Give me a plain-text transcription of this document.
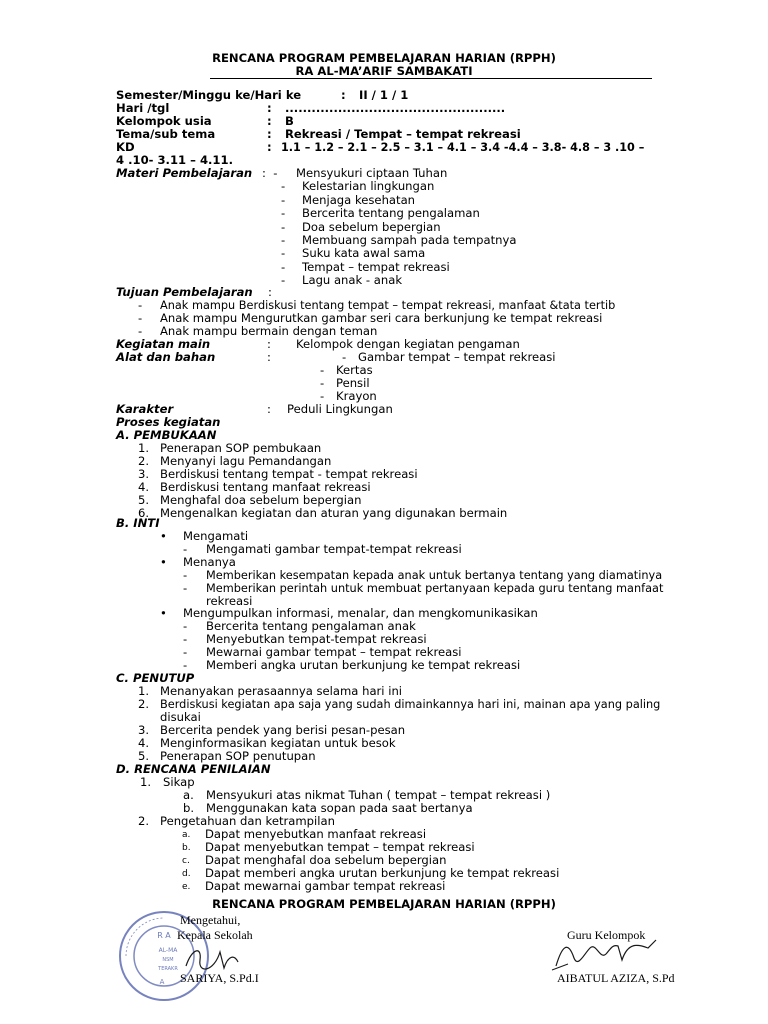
RENCANA PROGRAM PEMBELAJARAN HARIAN (RPPH)
RA AL-MA’ARIF SAMBAKATI
Semester/Minggu ke/Hari ke	: II / 1 / 1
Hari /tgl	: ..................................................
Kelompok usia	: B
Tema/sub tema	: Rekreasi / Tempat – tempat rekreasi
KD	: 1.1 – 1.2 – 2.1 – 2.5 – 3.1 – 4.1 – 3.4 -4.4 – 3.8- 4.8 – 3 .10 –
4 .10- 3.11 – 4.11.
Materi Pembelajaran :  - Mensyukuri ciptaan Tuhan
- Kelestarian lingkungan
- Menjaga kesehatan
- Bercerita tentang pengalaman
- Doa sebelum bepergian
- Membuang sampah pada tempatnya
- Suku kata awal sama
- Tempat – tempat rekreasi
- Lagu anak - anak
Tujuan Pembelajaran :
- Anak mampu Berdiskusi tentang tempat – tempat rekreasi, manfaat &tata tertib
- Anak mampu Mengurutkan gambar seri cara berkunjung ke tempat rekreasi
- Anak mampu bermain dengan teman
Kegiatan main	: Kelompok dengan kegiatan pengaman
Alat dan bahan	:	- Gambar tempat – tempat rekreasi
- Kertas
- Pensil
- Krayon
Karakter	: Peduli Lingkungan
Proses kegiatan
A. PEMBUKAAN
1. Penerapan SOP pembukaan
2. Menyanyi lagu Pemandangan
3. Berdiskusi tentang tempat - tempat rekreasi
4. Berdiskusi tentang manfaat rekreasi
5. Menghafal doa sebelum bepergian
6. Mengenalkan kegiatan dan aturan yang digunakan bermain
B. INTI
• Mengamati
- Mengamati gambar tempat-tempat rekreasi
• Menanya
- Memberikan kesempatan kepada anak untuk bertanya tentang yang diamatinya
- Memberikan perintah untuk membuat pertanyaan kepada guru tentang manfaat
rekreasi
• Mengumpulkan informasi, menalar, dan mengkomunikasikan
- Bercerita tentang pengalaman anak
- Menyebutkan tempat-tempat rekreasi
- Mewarnai gambar tempat – tempat rekreasi
- Memberi angka urutan berkunjung ke tempat rekreasi
C. PENUTUP
1. Menanyakan perasaannya selama hari ini
2. Berdiskusi kegiatan apa saja yang sudah dimainkannya hari ini, mainan apa yang paling
disukai
3. Bercerita pendek yang berisi pesan-pesan
4. Menginformasikan kegiatan untuk besok
5. Penerapan SOP penutupan
D. RENCANA PENILAIAN
1. Sikap
a. Mensyukuri atas nikmat Tuhan ( tempat – tempat rekreasi )
b. Menggunakan kata sopan pada saat bertanya
2. Pengetahuan dan ketrampilan
a. Dapat menyebutkan manfaat rekreasi
b. Dapat menyebutkan tempat – tempat rekreasi
c. Dapat menghafal doa sebelum bepergian
d. Dapat memberi angka urutan berkunjung ke tempat rekreasi
e. Dapat mewarnai gambar tempat rekreasi
RENCANA PROGRAM PEMBELAJARAN HARIAN (RPPH)
R A
AL-MA
NSM
TERAKR
A
Mengetahui,
Kepala Sekolah
SARIYA, S.Pd.I
Guru Kelompok
AIBATUL AZIZA, S.Pd
